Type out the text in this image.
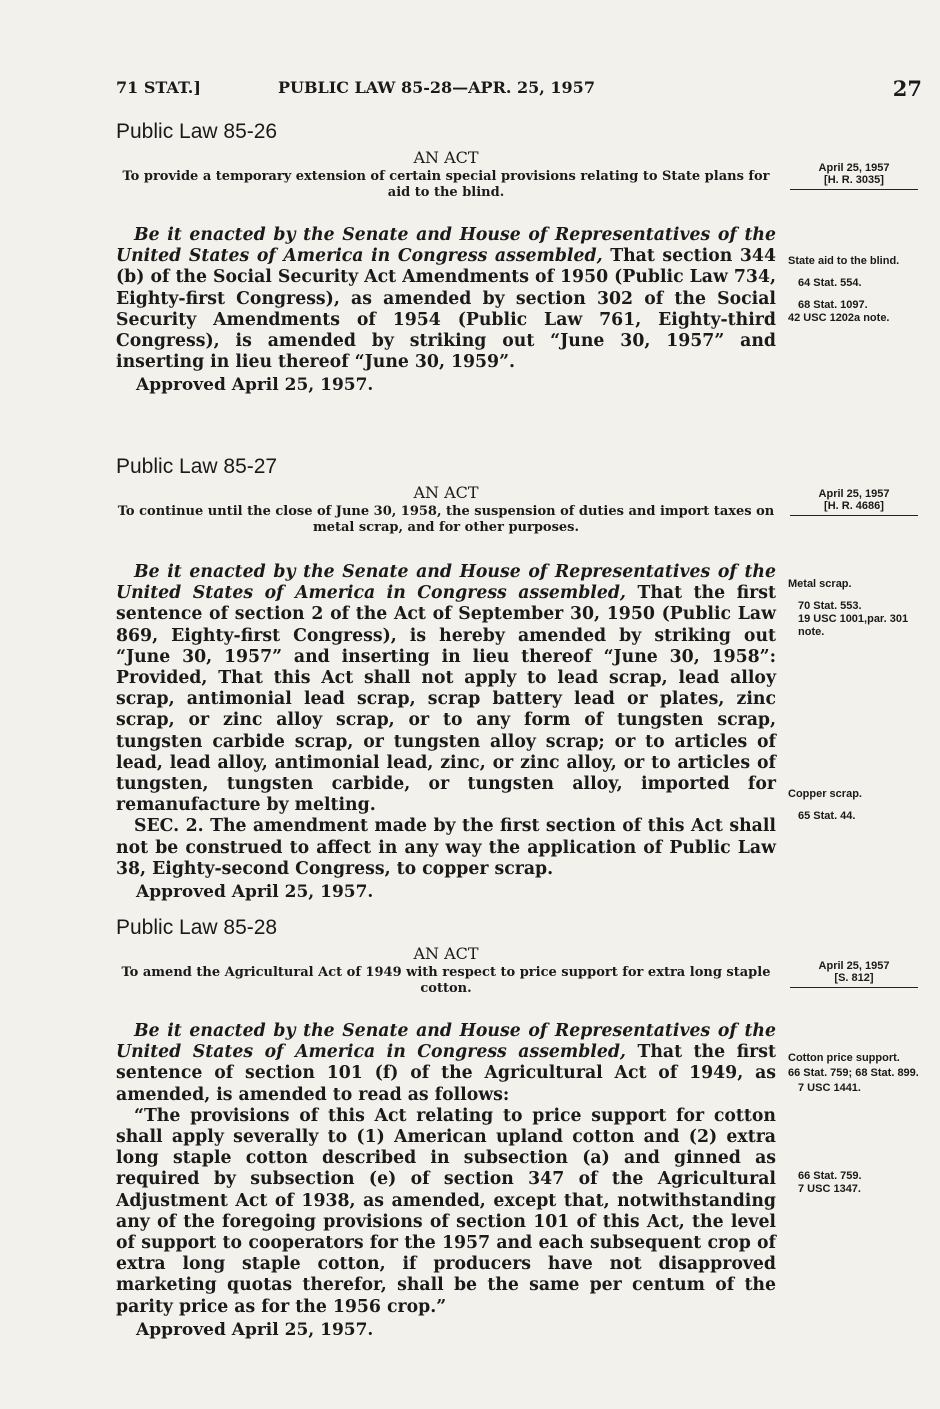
71 STAT.]	PUBLIC LAW 85-28—APR. 25, 1957	27
Public Law 85-26
AN ACT
To provide a temporary extension of certain special provisions relating to State plans for aid to the blind.

Be it enacted by the Senate and House of Representatives of the United States of America in Congress assembled, That section 344 (b) of the Social Security Act Amendments of 1950 (Public Law 734, Eighty-first Congress), as amended by section 302 of the Social Security Amendments of 1954 (Public Law 761, Eighty-third Congress), is amended by striking out “June 30, 1957” and inserting in lieu thereof “June 30, 1959”.

Approved April 25, 1957.
April 25, 1957
[H. R. 3035]
State aid to the blind.
64 Stat. 554.
68 Stat. 1097.
42 USC 1202a note.
Public Law 85-27
AN ACT
To continue until the close of June 30, 1958, the suspension of duties and import taxes on metal scrap, and for other purposes.

Be it enacted by the Senate and House of Representatives of the United States of America in Congress assembled, That the first sentence of section 2 of the Act of September 30, 1950 (Public Law 869, Eighty-first Congress), is hereby amended by striking out “June 30, 1957” and inserting in lieu thereof “June 30, 1958”: Provided, That this Act shall not apply to lead scrap, lead alloy scrap, antimonial lead scrap, scrap battery lead or plates, zinc scrap, or zinc alloy scrap, or to any form of tungsten scrap, tungsten carbide scrap, or tungsten alloy scrap; or to articles of lead, lead alloy, antimonial lead, zinc, or zinc alloy, or to articles of tungsten, tungsten carbide, or tungsten alloy, imported for remanufacture by melting.

SEC. 2. The amendment made by the first section of this Act shall not be construed to affect in any way the application of Public Law 38, Eighty-second Congress, to copper scrap.

Approved April 25, 1957.
April 25, 1957
[H. R. 4686]
Metal scrap.
70 Stat. 553.
19 USC 1001,par. 301 note.
Copper scrap.
65 Stat. 44.
Public Law 85-28
AN ACT
To amend the Agricultural Act of 1949 with respect to price support for extra long staple cotton.

Be it enacted by the Senate and House of Representatives of the United States of America in Congress assembled, That the first sentence of section 101 (f) of the Agricultural Act of 1949, as amended, is amended to read as follows:

“The provisions of this Act relating to price support for cotton shall apply severally to (1) American upland cotton and (2) extra long staple cotton described in subsection (a) and ginned as required by subsection (e) of section 347 of the Agricultural Adjustment Act of 1938, as amended, except that, notwithstanding any of the foregoing provisions of section 101 of this Act, the level of support to cooperators for the 1957 and each subsequent crop of extra long staple cotton, if producers have not disapproved marketing quotas therefor, shall be the same per centum of the parity price as for the 1956 crop.”

Approved April 25, 1957.
April 25, 1957
[S. 812]
Cotton price support.
66 Stat. 759; 68 Stat. 899.
7 USC 1441.
66 Stat. 759.
7 USC 1347.
